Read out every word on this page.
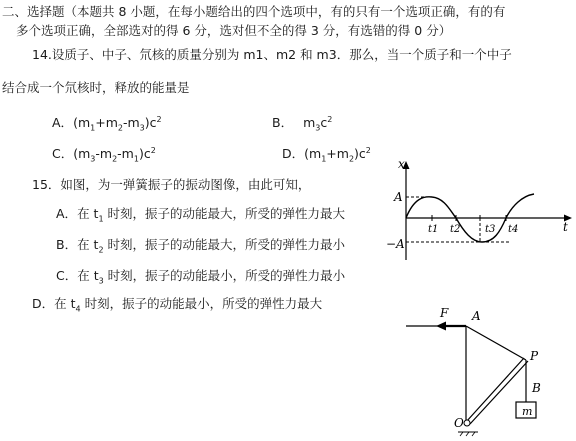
二、选择题（本题共 8 小题，在每小题给出的四个选项中，有的只有一个选项正确，有的有
多个选项正确，全部选对的得 6 分，选对但不全的得 3 分，有选错的得 0 分）
14.设质子、中子、氘核的质量分别为 m1、m2 和 m3．那么，当一个质子和一个中子
结合成一个氘核时，释放的能量是
A．$(m_1+m_2-m_3)c^2$	B． $m_3c^2$
C．$(m_3-m_2-m_1)c^2$	D．$(m_1+m_2)c^2$
15．如图，为一弹簧振子的振动图像，由此可知，
A．在 $t_1$ 时刻，振子的动能最大，所受的弹性力最大
B．在 $t_2$ 时刻，振子的动能最大，所受的弹性力最小
C．在 $t_3$ 时刻，振子的动能最小，所受的弹性力最小
D．在 $t_4$ 时刻，振子的动能最小，所受的弹性力最大
x
t
A
−A
t1 t2 t3 t4
F A
P
B
m
O
